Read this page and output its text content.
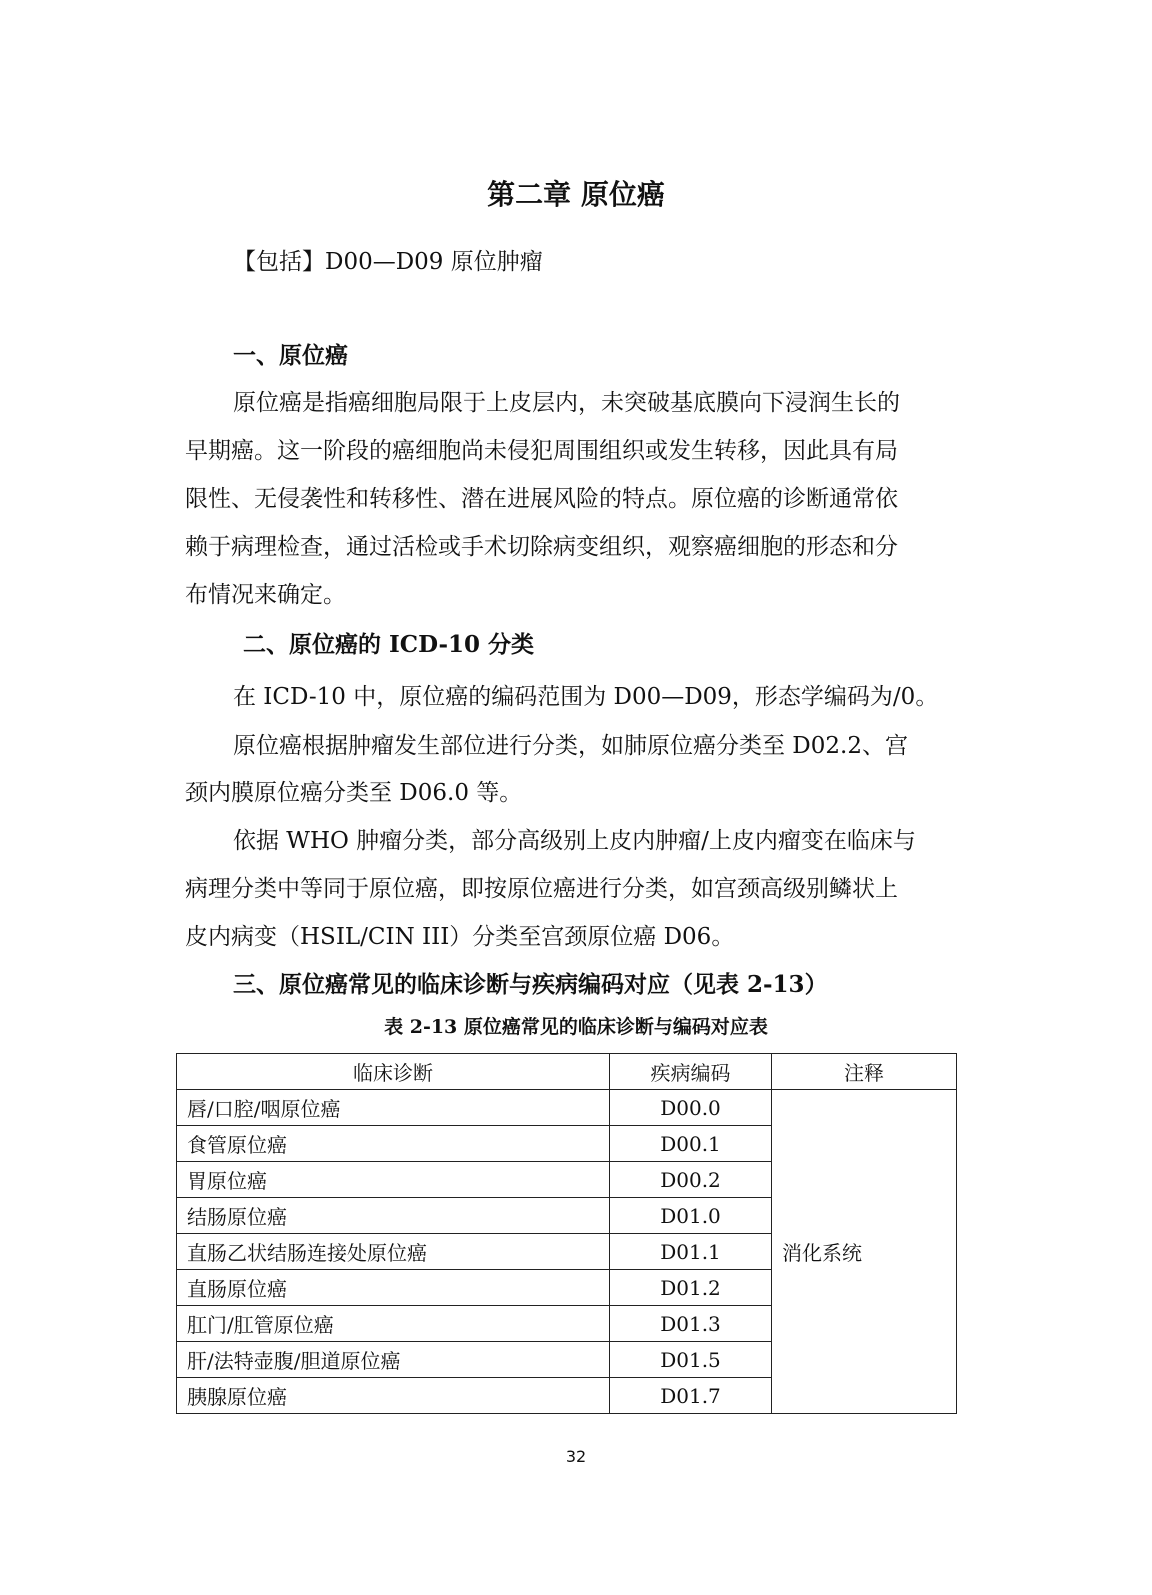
第二章 原位癌
【包括】D00—D09 原位肿瘤
一、原位癌
原位癌是指癌细胞局限于上皮层内，未突破基底膜向下浸润生长的
早期癌。这一阶段的癌细胞尚未侵犯周围组织或发生转移，因此具有局
限性、无侵袭性和转移性、潜在进展风险的特点。原位癌的诊断通常依
赖于病理检查，通过活检或手术切除病变组织，观察癌细胞的形态和分
布情况来确定。
二、原位癌的 ICD-10 分类
在 ICD-10 中，原位癌的编码范围为 D00—D09，形态学编码为/0。
原位癌根据肿瘤发生部位进行分类，如肺原位癌分类至 D02.2、宫
颈内膜原位癌分类至 D06.0 等。
依据 WHO 肿瘤分类，部分高级别上皮内肿瘤/上皮内瘤变在临床与
病理分类中等同于原位癌，即按原位癌进行分类，如宫颈高级别鳞状上
皮内病变（HSIL/CIN III）分类至宫颈原位癌 D06。
三、原位癌常见的临床诊断与疾病编码对应（见表 2-13）
表 2-13 原位癌常见的临床诊断与编码对应表
临床诊断	疾病编码	注释
唇/口腔/咽原位癌	D00.0	消化系统
食管原位癌	D00.1	
胃原位癌	D00.2	
结肠原位癌	D01.0	
直肠乙状结肠连接处原位癌	D01.1	
直肠原位癌	D01.2	
肛门/肛管原位癌	D01.3	
肝/法特壶腹/胆道原位癌	D01.5	
胰腺原位癌	D01.7	
32
